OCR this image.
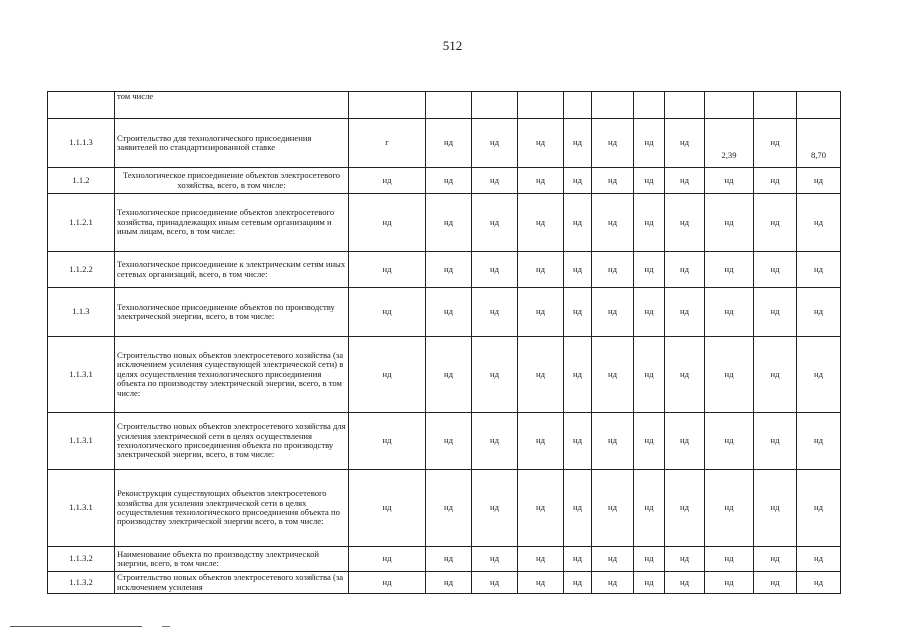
512
	том числе											
1.1.1.3	Строительство для технологического присоединения заявителей по стандартизированной ставке	г	нд	нд	нд	нд	нд	нд	нд	2,39	нд	8,70
1.1.2	Технологическое присоединение объектов электросетевого хозяйства, всего, в том числе:	нд	нд	нд	нд	нд	нд	нд	нд	нд	нд	нд
1.1.2.1	Технологическое присоединение объектов электросетевого хозяйства, принадлежащих иным сетевым организациям и иным лицам, всего, в том числе:	нд	нд	нд	нд	нд	нд	нд	нд	нд	нд	нд
1.1.2.2	Технологическое присоединение к электрическим сетям иных сетевых организаций, всего, в том числе:	нд	нд	нд	нд	нд	нд	нд	нд	нд	нд	нд
1.1.3	Технологическое присоединение объектов по производству электрической энергии, всего, в том числе:	нд	нд	нд	нд	нд	нд	нд	нд	нд	нд	нд
1.1.3.1	Строительство новых объектов электросетевого хозяйства (за исключением усиления существующей электрической сети) в целях осуществления технологического присоединения объекта по производству электрической энергии, всего, в том числе:	нд	нд	нд	нд	нд	нд	нд	нд	нд	нд	нд
1.1.3.1	Строительство новых объектов электросетевого хозяйства для усиления электрической сети в целях осуществления технологического присоединения объекта по производству электрической энергии, всего, в том числе:	нд	нд	нд	нд	нд	нд	нд	нд	нд	нд	нд
1.1.3.1	Реконструкция существующих объектов электросетевого хозяйства для усиления электрической сети в целях осуществления технологического присоединения объекта по производству электрической энергии всего, в том числе:	нд	нд	нд	нд	нд	нд	нд	нд	нд	нд	нд
1.1.3.2	Наименование объекта по производству электрической энергии, всего, в том числе:	нд	нд	нд	нд	нд	нд	нд	нд	нд	нд	нд
1.1.3.2	Строительство новых объектов электросетевого хозяйства (за исключением усиления	нд	нд	нд	нд	нд	нд	нд	нд	нд	нд	нд
